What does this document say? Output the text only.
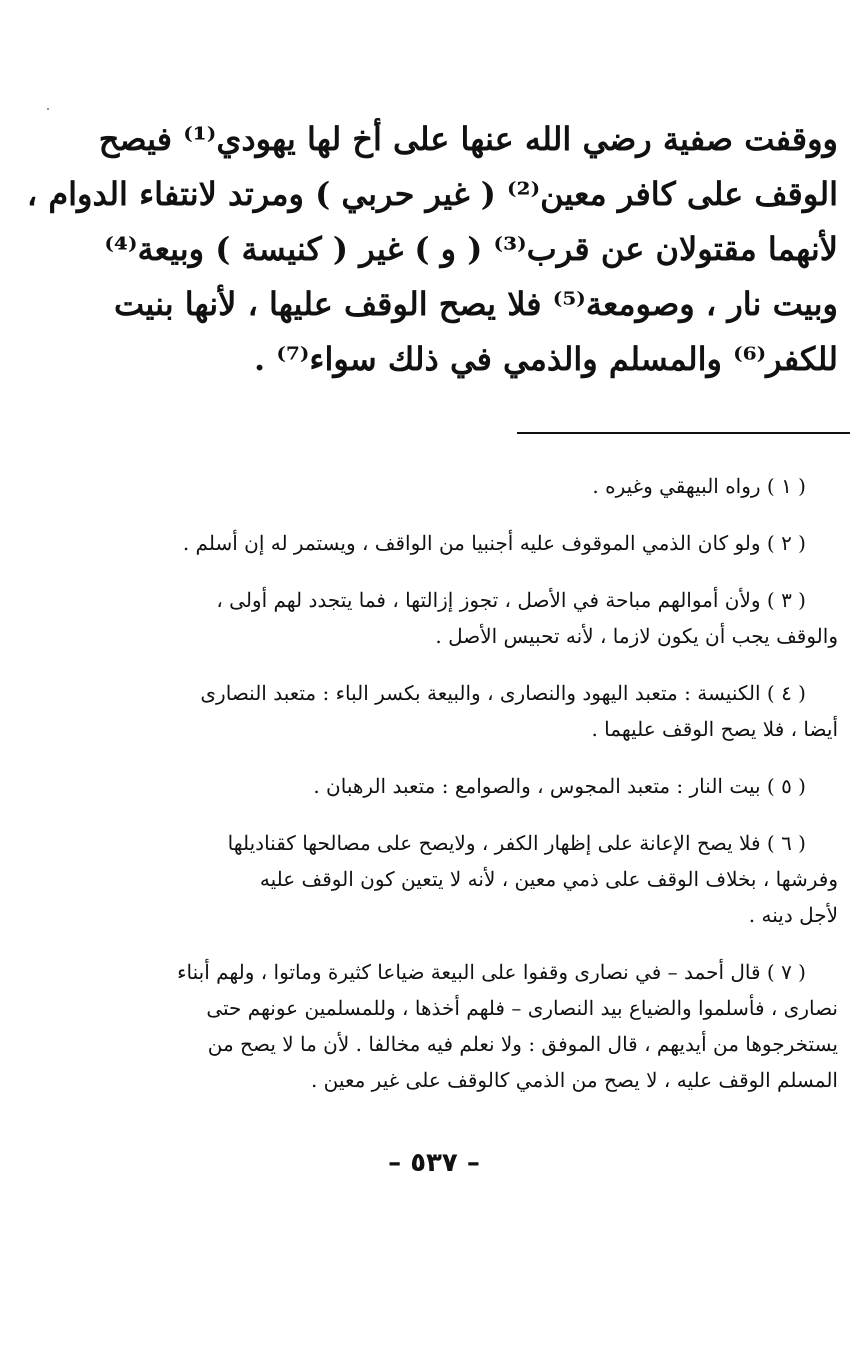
ووقفت صفية رضي الله عنها على أخ لها يهودي⁽¹⁾ فيصح
الوقف على كافر معين⁽²⁾ ( غير حربي ) ومرتد لانتفاء الدوام ،
لأنهما مقتولان عن قرب⁽³⁾ ( و ) غير ( كنيسة ) وبيعة⁽⁴⁾
وبيت نار ، وصومعة⁽⁵⁾ فلا يصح الوقف عليها ، لأنها بنيت
للكفر⁽⁶⁾ والمسلم والذمي في ذلك سواء⁽⁷⁾ .
( ١ ) رواه البيهقي وغيره .
( ٢ ) ولو كان الذمي الموقوف عليه أجنبيا من الواقف ، ويستمر له إن أسلم .
( ٣ ) ولأن أموالهم مباحة في الأصل ، تجوز إزالتها ، فما يتجدد لهم أولى ،
والوقف يجب أن يكون لازما ، لأنه تحبيس الأصل .
( ٤ ) الكنيسة : متعبد اليهود والنصارى ، والبيعة بكسر الباء : متعبد النصارى
أيضا ، فلا يصح الوقف عليهما .
( ٥ ) بيت النار : متعبد المجوس ، والصوامع : متعبد الرهبان .
( ٦ ) فلا يصح الإعانة على إظهار الكفر ، ولايصح على مصالحها كقناديلها
وفرشها ، بخلاف الوقف على ذمي معين ، لأنه لا يتعين كون الوقف عليه
لأجل دينه .
( ٧ ) قال أحمد – في نصارى وقفوا على البيعة ضياعا كثيرة وماتوا ، ولهم أبناء
نصارى ، فأسلموا والضياع بيد النصارى – فلهم أخذها ، وللمسلمين عونهم حتى
يستخرجوها من أيديهم ، قال الموفق : ولا نعلم فيه مخالفا . لأن ما لا يصح من
المسلم الوقف عليه ، لا يصح من الذمي كالوقف على غير معين .
– ٥٣٧ –
